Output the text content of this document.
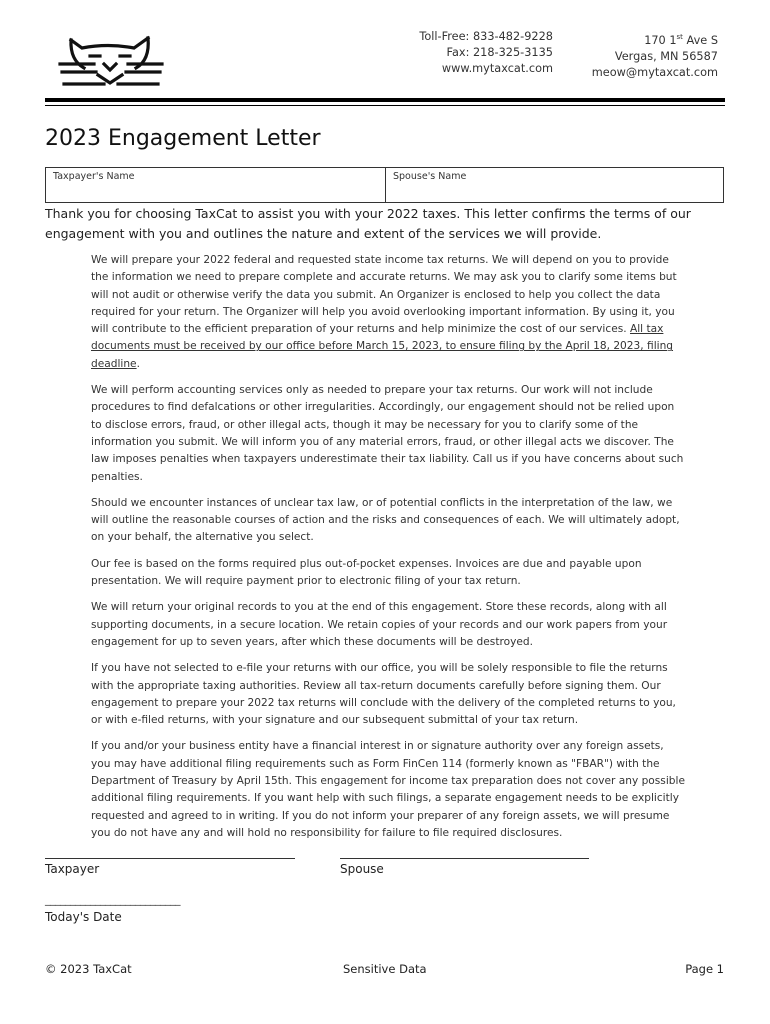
Toll-Free: 833-482-9228
Fax: 218-325-3135
www.mytaxcat.com
170 1st Ave S
Vergas, MN 56587
meow@mytaxcat.com
2023 Engagement Letter
Taxpayer's Name	Spouse's Name

Thank you for choosing TaxCat to assist you with your 2022 taxes. This letter confirms the terms of our engagement with you and outlines the nature and extent of the services we will provide.

We will prepare your 2022 federal and requested state income tax returns. We will depend on you to provide the information we need to prepare complete and accurate returns. We may ask you to clarify some items but will not audit or otherwise verify the data you submit. An Organizer is enclosed to help you collect the data required for your return. The Organizer will help you avoid overlooking important information. By using it, you will contribute to the efficient preparation of your returns and help minimize the cost of our services. All tax documents must be received by our office before March 15, 2023, to ensure filing by the April 18, 2023, filing deadline.

We will perform accounting services only as needed to prepare your tax returns. Our work will not include procedures to find defalcations or other irregularities. Accordingly, our engagement should not be relied upon to disclose errors, fraud, or other illegal acts, though it may be necessary for you to clarify some of the information you submit. We will inform you of any material errors, fraud, or other illegal acts we discover. The law imposes penalties when taxpayers underestimate their tax liability. Call us if you have concerns about such penalties.

Should we encounter instances of unclear tax law, or of potential conflicts in the interpretation of the law, we will outline the reasonable courses of action and the risks and consequences of each. We will ultimately adopt, on your behalf, the alternative you select.

Our fee is based on the forms required plus out-of-pocket expenses. Invoices are due and payable upon presentation. We will require payment prior to electronic filing of your tax return.

We will return your original records to you at the end of this engagement. Store these records, along with all supporting documents, in a secure location. We retain copies of your records and our work papers from your engagement for up to seven years, after which these documents will be destroyed.

If you have not selected to e-file your returns with our office, you will be solely responsible to file the returns with the appropriate taxing authorities. Review all tax-return documents carefully before signing them. Our engagement to prepare your 2022 tax returns will conclude with the delivery of the completed returns to you, or with e-filed returns, with your signature and our subsequent submittal of your tax return.

If you and/or your business entity have a financial interest in or signature authority over any foreign assets, you may have additional filing requirements such as Form FinCen 114 (formerly known as "FBAR") with the Department of Treasury by April 15th. This engagement for income tax preparation does not cover any possible additional filing requirements. If you want help with such filings, a separate engagement needs to be explicitly requested and agreed to in writing. If you do not inform your preparer of any foreign assets, we will presume you do not have any and will hold no responsibility for failure to file required disclosures.

Taxpayer	Spouse
___________________________
Today's Date
© 2023 TaxCat	Sensitive Data	Page 1
